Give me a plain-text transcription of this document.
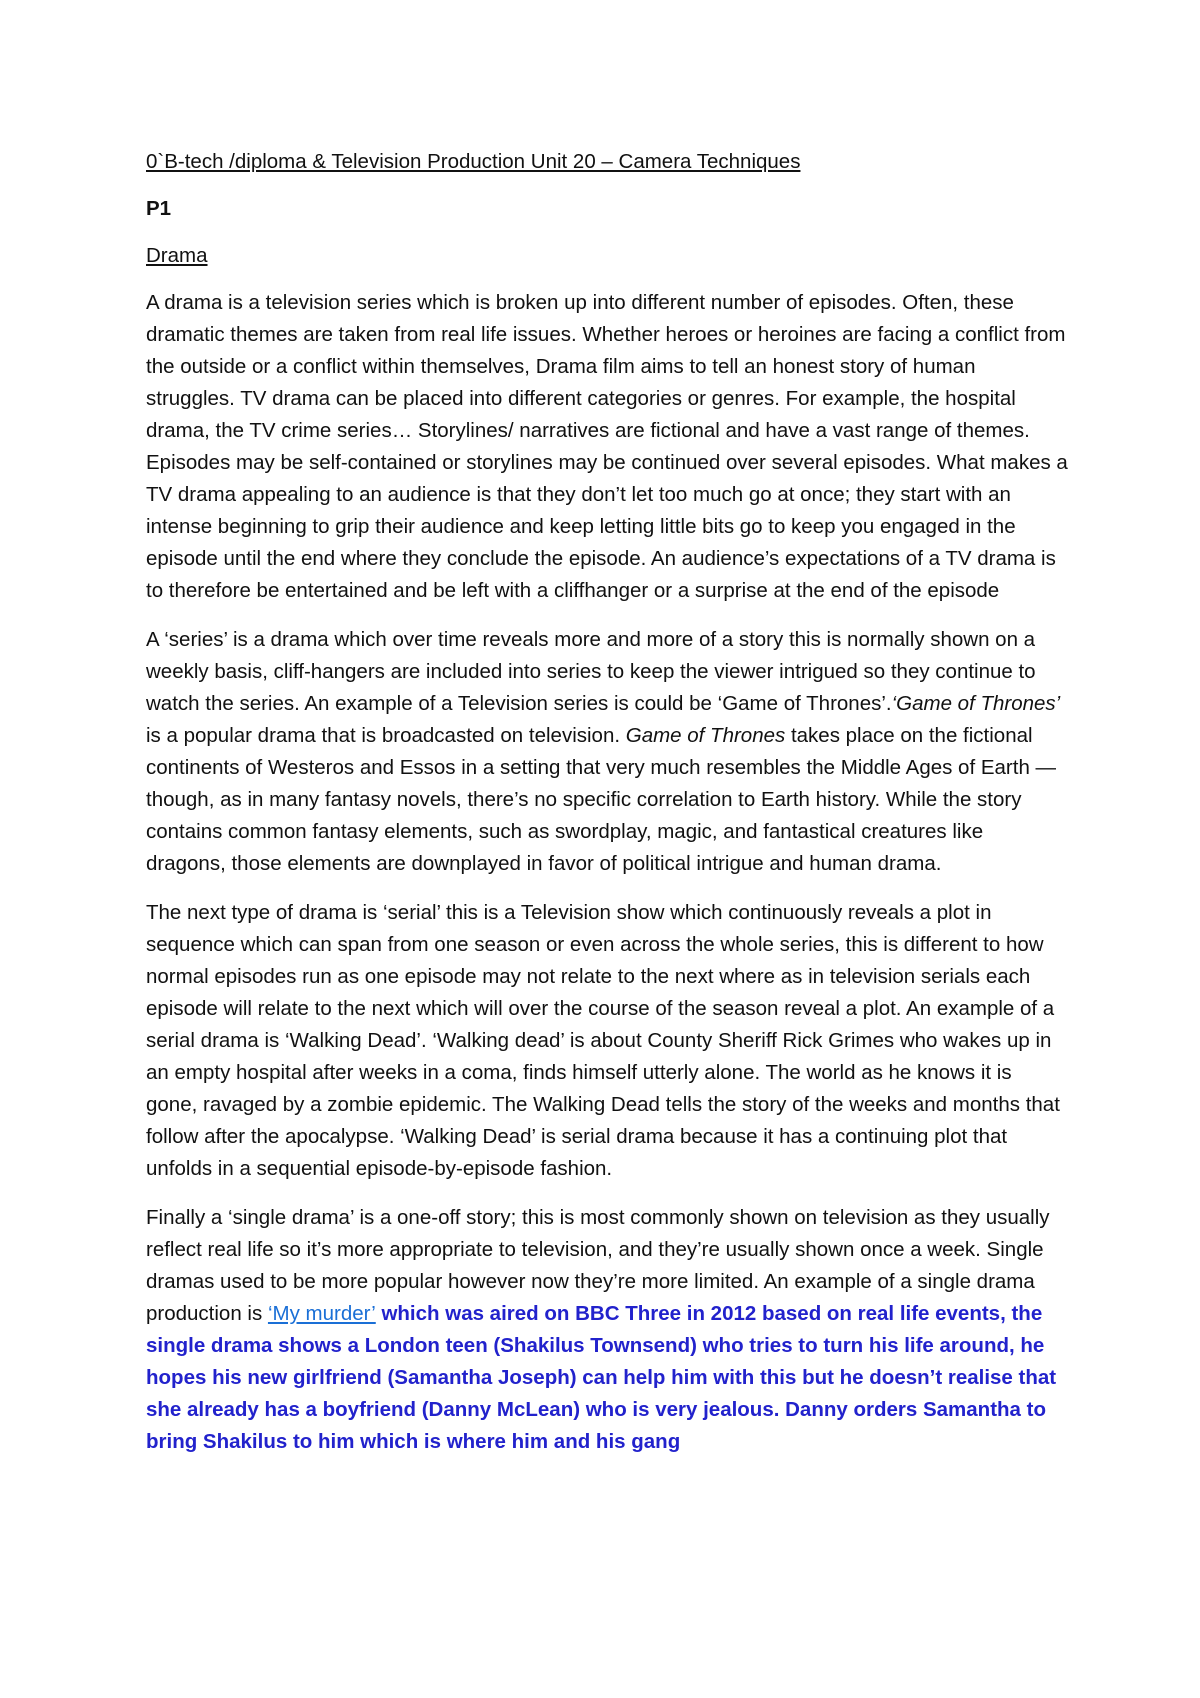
0`B-tech /diploma & Television Production Unit 20 – Camera Techniques
P1
Drama

A drama is a television series which is broken up into different number of episodes. Often, these dramatic themes are taken from real life issues. Whether heroes or heroines are facing a conflict from the outside or a conflict within themselves, Drama film aims to tell an honest story of human struggles. TV drama can be placed into different categories or genres. For example, the hospital drama, the TV crime series… Storylines/ narratives are fictional and have a vast range of themes. Episodes may be self-contained or storylines may be continued over several episodes. What makes a TV drama appealing to an audience is that they don’t let too much go at once; they start with an intense beginning to grip their audience and keep letting little bits go to keep you engaged in the episode until the end where they conclude the episode. An audience’s expectations of a TV drama is to therefore be entertained and be left with a cliffhanger or a surprise at the end of the episode

A ‘series’ is a drama which over time reveals more and more of a story this is normally shown on a weekly basis, cliff-hangers are included into series to keep the viewer intrigued so they continue to watch the series. An example of a Television series is could be ‘Game of Thrones’.‘Game of Thrones’ is a popular drama that is broadcasted on television. Game of Thrones takes place on the fictional continents of Westeros and Essos in a setting that very much resembles the Middle Ages of Earth — though, as in many fantasy novels, there’s no specific correlation to Earth history. While the story contains common fantasy elements, such as swordplay, magic, and fantastical creatures like dragons, those elements are downplayed in favor of political intrigue and human drama.

The next type of drama is ‘serial’ this is a Television show which continuously reveals a plot in sequence which can span from one season or even across the whole series, this is different to how normal episodes run as one episode may not relate to the next where as in television serials each episode will relate to the next which will over the course of the season reveal a plot. An example of a serial drama is ‘Walking Dead’. ‘Walking dead’ is about County Sheriff Rick Grimes who wakes up in an empty hospital after weeks in a coma, finds himself utterly alone. The world as he knows it is gone, ravaged by a zombie epidemic. The Walking Dead tells the story of the weeks and months that follow after the apocalypse. ‘Walking Dead’ is serial drama because it has a continuing plot that unfolds in a sequential episode-by-episode fashion.

Finally a ‘single drama’ is a one-off story; this is most commonly shown on television as they usually reflect real life so it’s more appropriate to television, and they’re usually shown once a week. Single dramas used to be more popular however now they’re more limited. An example of a single drama production is ‘My murder’ which was aired on BBC Three in 2012 based on real life events, the single drama shows a London teen (Shakilus Townsend) who tries to turn his life around, he hopes his new girlfriend (Samantha Joseph) can help him with this but he doesn’t realise that she already has a boyfriend (Danny McLean) who is very jealous. Danny orders Samantha to bring Shakilus to him which is where him and his gang
